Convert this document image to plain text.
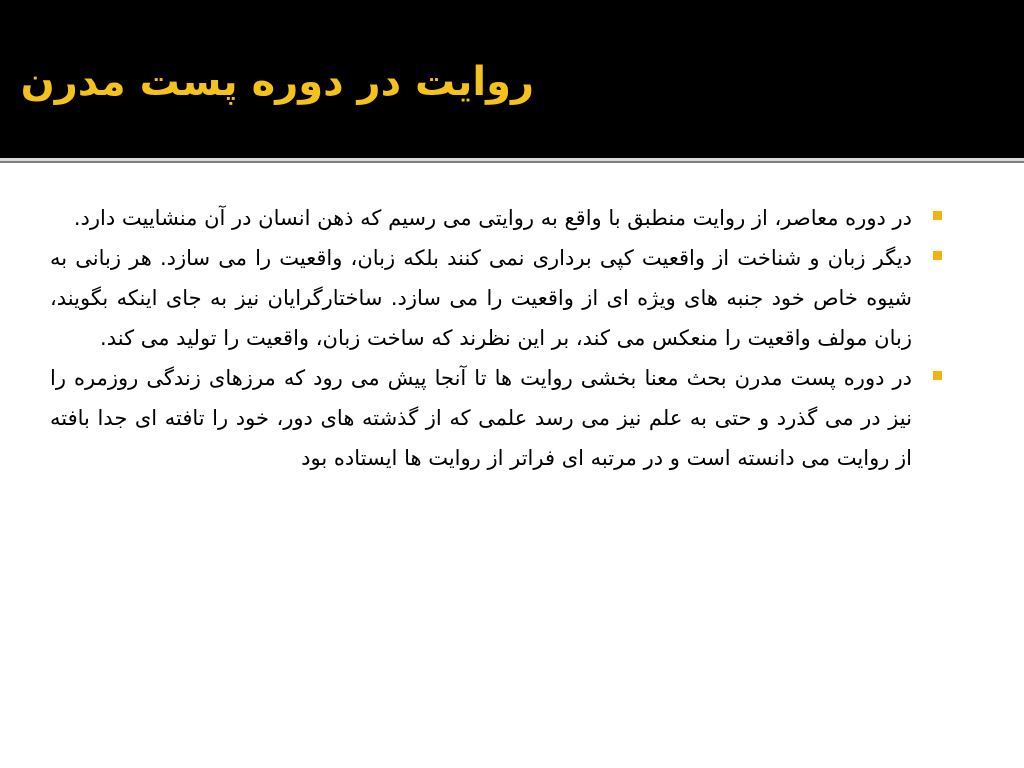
روایت در دوره پست مدرن

در دوره معاصر، از روایت منطبق با واقع به روایتی می رسیم که ذهن انسان در آن منشاییت دارد.

دیگر زبان و شناخت از واقعیت کپی برداری نمی کنند بلکه زبان، واقعیت را می سازد. هر زبانی به شیوه خاص خود جنبه های ویژه ای از واقعیت را می سازد. ساختارگرایان نیز به جای اینکه بگویند، زبان مولف واقعیت را منعکس می کند، بر این نظرند که ساخت زبان، واقعیت را تولید می کند.

در دوره پست مدرن بحث معنا بخشی روایت ها تا آنجا پیش می رود که مرزهای زندگی روزمره را نیز در می گذرد و حتی به علم نیز می رسد علمی که از گذشته های دور، خود را تافته ای جدا بافته از روایت می دانسته است و در مرتبه ای فراتر از روایت ها ایستاده بود
